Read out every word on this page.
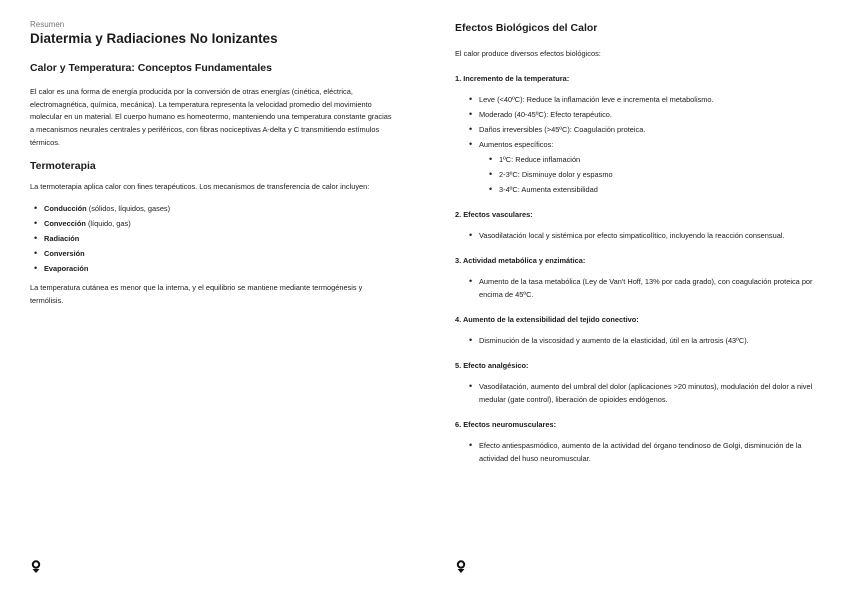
Resumen
Diatermia y Radiaciones No Ionizantes
Calor y Temperatura: Conceptos Fundamentales

El calor es una forma de energía producida por la conversión de otras energías (cinética, eléctrica, electromagnética, química, mecánica). La temperatura representa la velocidad promedio del movimiento molecular en un material. El cuerpo humano es homeotermo, manteniendo una temperatura constante gracias a mecanismos neurales centrales y periféricos, con fibras nociceptivas A-delta y C transmitiendo estímulos térmicos.

Termoterapia

La termoterapia aplica calor con fines terapéuticos. Los mecanismos de transferencia de calor incluyen:

• Conducción (sólidos, líquidos, gases)
• Convección (líquido, gas)
• Radiación
• Conversión
• Evaporación

La temperatura cutánea es menor que la interna, y el equilibrio se mantiene mediante termogénesis y termólisis.

Efectos Biológicos del Calor

El calor produce diversos efectos biológicos:

1. Incremento de la temperatura:
• Leve (<40ºC): Reduce la inflamación leve e incrementa el metabolismo.
• Moderado (40-45ºC): Efecto terapéutico.
• Daños irreversibles (>45ºC): Coagulación proteica.
• Aumentos específicos:
• 1ºC: Reduce inflamación
• 2-3ºC: Disminuye dolor y espasmo
• 3-4ºC: Aumenta extensibilidad
2. Efectos vasculares:
• Vasodilatación local y sistémica por efecto simpaticolítico, incluyendo la reacción consensual.
3. Actividad metabólica y enzimática:
• Aumento de la tasa metabólica (Ley de Van't Hoff, 13% por cada grado), con coagulación proteica por encima de 45ºC.
4. Aumento de la extensibilidad del tejido conectivo:
• Disminución de la viscosidad y aumento de la elasticidad, útil en la artrosis (43ºC).
5. Efecto analgésico:
• Vasodilatación, aumento del umbral del dolor (aplicaciones >20 minutos), modulación del dolor a nivel medular (gate control), liberación de opioides endógenos.
6. Efectos neuromusculares:
• Efecto antiespasmódico, aumento de la actividad del órgano tendinoso de Golgi, disminución de la actividad del huso neuromuscular.
